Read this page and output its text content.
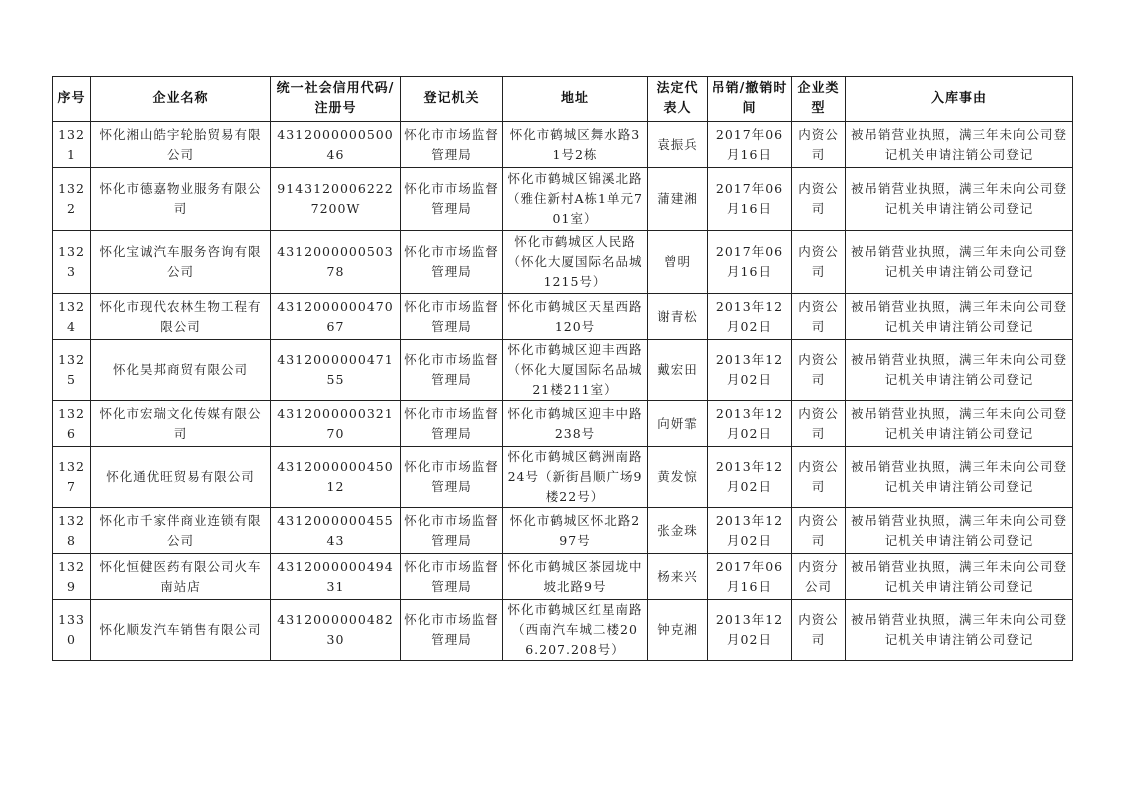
序号	企业名称	统一社会信用代码/注册号	登记机关	地址	法定代表人	吊销/撤销时间	企业类型	入库事由
1321	怀化湘山皓宇轮胎贸易有限公司	431200000050046	怀化市市场监督管理局	怀化市鹤城区舞水路31号2栋	袁振兵	2017年06月16日	内资公司	被吊销营业执照，满三年未向公司登记机关申请注销公司登记
1322	怀化市德嘉物业服务有限公司	91431200062227200W	怀化市市场监督管理局	怀化市鹤城区锦溪北路（雅住新村A栋1单元701室）	蒲建湘	2017年06月16日	内资公司	被吊销营业执照，满三年未向公司登记机关申请注销公司登记
1323	怀化宝诚汽车服务咨询有限公司	431200000050378	怀化市市场监督管理局	怀化市鹤城区人民路（怀化大厦国际名品城1215号）	曾明	2017年06月16日	内资公司	被吊销营业执照，满三年未向公司登记机关申请注销公司登记
1324	怀化市现代农林生物工程有限公司	431200000047067	怀化市市场监督管理局	怀化市鹤城区天星西路120号	谢青松	2013年12月02日	内资公司	被吊销营业执照，满三年未向公司登记机关申请注销公司登记
1325	怀化昊邦商贸有限公司	431200000047155	怀化市市场监督管理局	怀化市鹤城区迎丰西路（怀化大厦国际名品城21楼211室）	戴宏田	2013年12月02日	内资公司	被吊销营业执照，满三年未向公司登记机关申请注销公司登记
1326	怀化市宏瑞文化传媒有限公司	431200000032170	怀化市市场监督管理局	怀化市鹤城区迎丰中路238号	向妍霏	2013年12月02日	内资公司	被吊销营业执照，满三年未向公司登记机关申请注销公司登记
1327	怀化通优旺贸易有限公司	431200000045012	怀化市市场监督管理局	怀化市鹤城区鹤洲南路24号（新街昌顺广场9楼22号）	黄发惊	2013年12月02日	内资公司	被吊销营业执照，满三年未向公司登记机关申请注销公司登记
1328	怀化市千家伴商业连锁有限公司	431200000045543	怀化市市场监督管理局	怀化市鹤城区怀北路297号	张金珠	2013年12月02日	内资公司	被吊销营业执照，满三年未向公司登记机关申请注销公司登记
1329	怀化恒健医药有限公司火车南站店	431200000049431	怀化市市场监督管理局	怀化市鹤城区茶园垅中坡北路9号	杨来兴	2017年06月16日	内资分公司	被吊销营业执照，满三年未向公司登记机关申请注销公司登记
1330	怀化顺发汽车销售有限公司	431200000048230	怀化市市场监督管理局	怀化市鹤城区红星南路（西南汽车城二楼206.207.208号）	钟克湘	2013年12月02日	内资公司	被吊销营业执照，满三年未向公司登记机关申请注销公司登记
